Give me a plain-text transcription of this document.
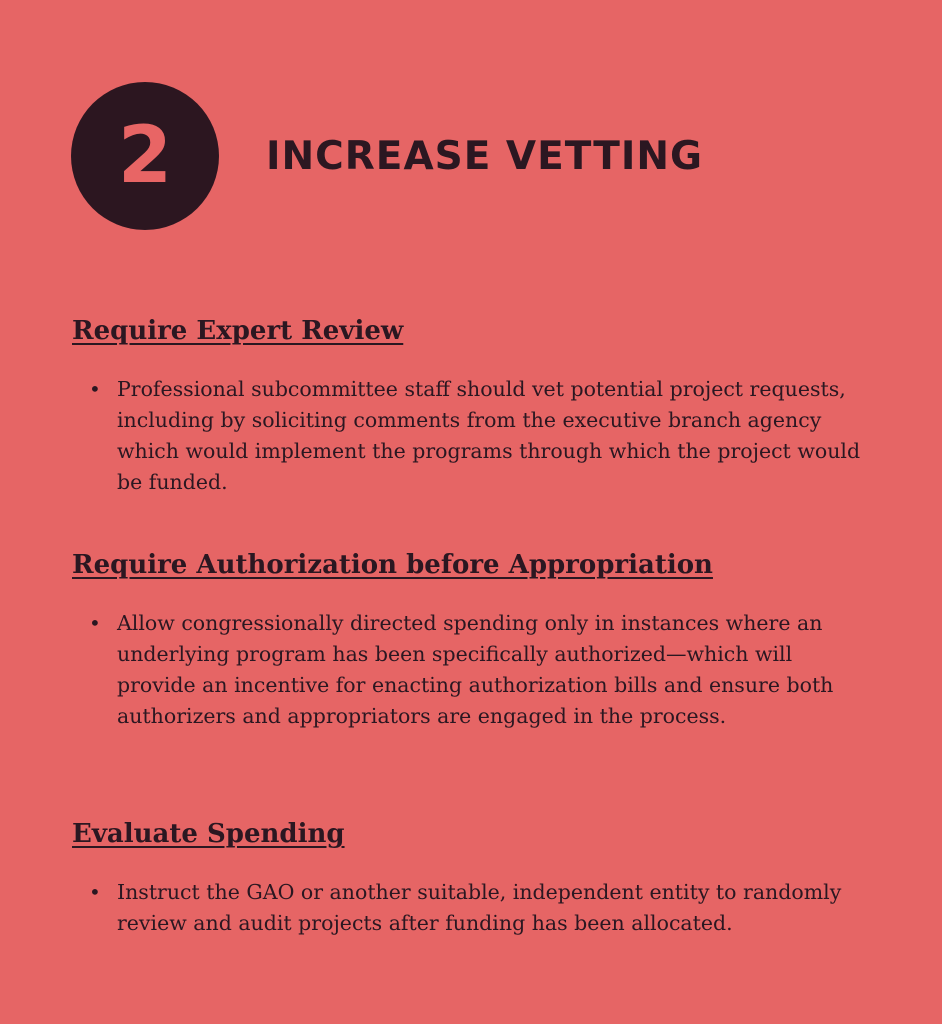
2 INCREASE VETTING
Require Expert Review
• Professional subcommittee staff should vet potential project requests, including by soliciting comments from the executive branch agency which would implement the programs through which the project would be funded.
Require Authorization before Appropriation
• Allow congressionally directed spending only in instances where an underlying program has been specifically authorized—which will provide an incentive for enacting authorization bills and ensure both authorizers and appropriators are engaged in the process.
Evaluate Spending
• Instruct the GAO or another suitable, independent entity to randomly review and audit projects after funding has been allocated.
